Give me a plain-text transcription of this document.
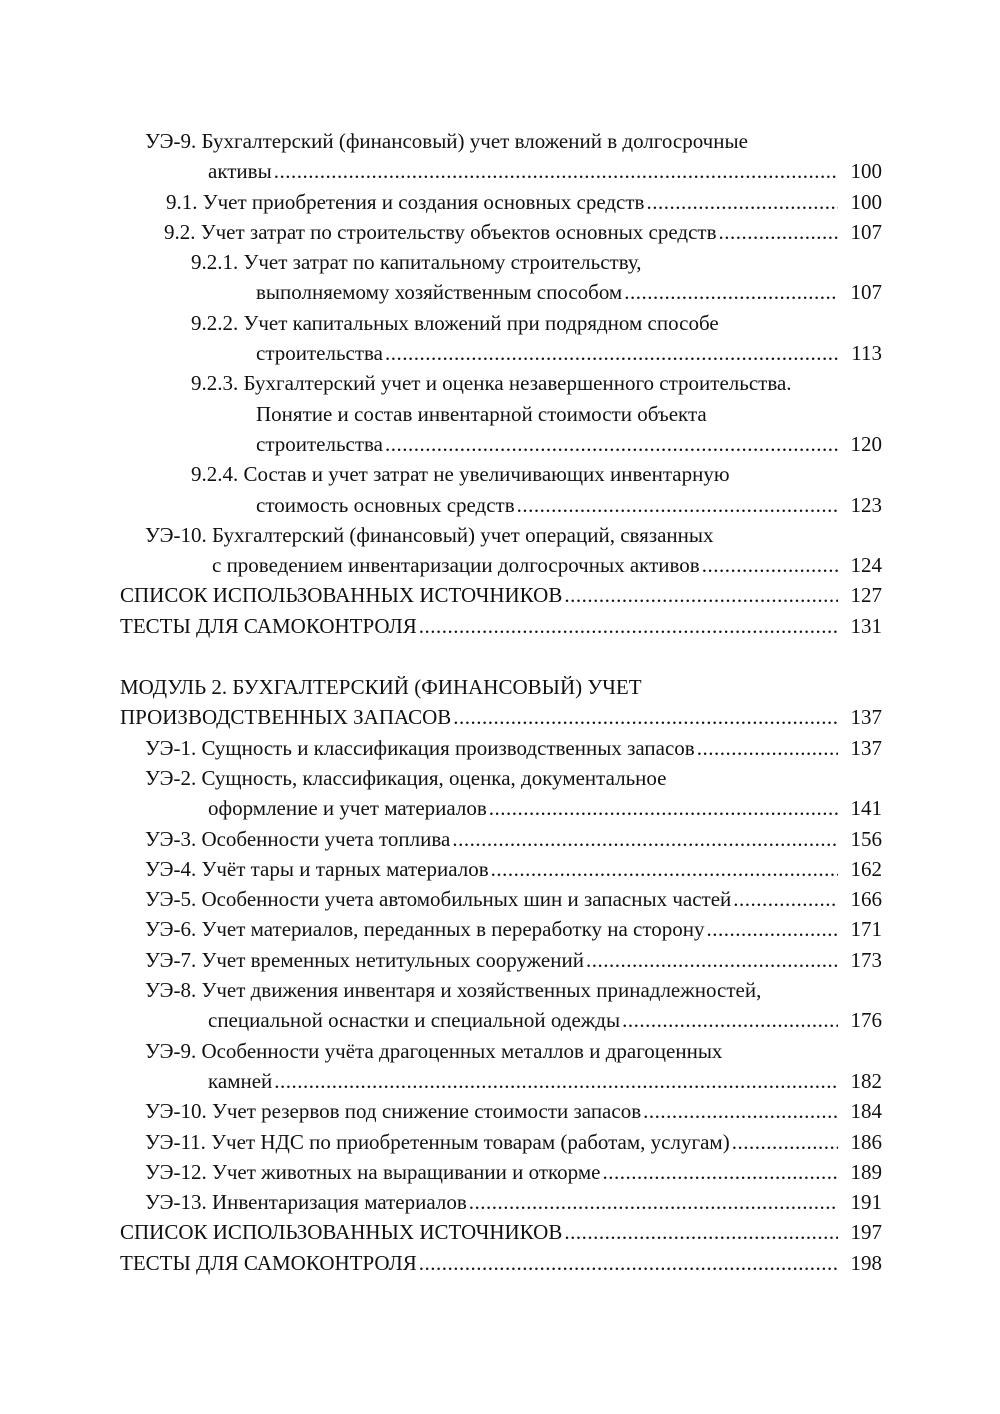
УЭ-9. Бухгалтерский (финансовый) учет вложений в долгосрочные
активы .....	100
9.1. Учет приобретения и создания основных средств .....	100
9.2. Учет затрат по строительству объектов основных средств .....	107
9.2.1. Учет затрат по капитальному строительству,
выполняемому хозяйственным способом .....	107
9.2.2. Учет капитальных вложений при подрядном способе
строительства .....	113
9.2.3. Бухгалтерский учет и оценка незавершенного строительства.
Понятие и состав инвентарной стоимости объекта
строительства .....	120
9.2.4. Состав и учет затрат не увеличивающих инвентарную
стоимость основных средств .....	123
УЭ-10. Бухгалтерский (финансовый) учет операций, связанных
с проведением инвентаризации долгосрочных активов .....	124
СПИСОК ИСПОЛЬЗОВАННЫХ ИСТОЧНИКОВ .....	127
ТЕСТЫ ДЛЯ САМОКОНТРОЛЯ .....	131
МОДУЛЬ 2. БУХГАЛТЕРСКИЙ (ФИНАНСОВЫЙ) УЧЕТ
ПРОИЗВОДСТВЕННЫХ ЗАПАСОВ .....	137
УЭ-1. Сущность и классификация производственных запасов .....	137
УЭ-2. Сущность, классификация, оценка, документальное
оформление и учет материалов .....	141
УЭ-3. Особенности учета топлива .....	156
УЭ-4. Учёт тары и тарных материалов .....	162
УЭ-5. Особенности учета автомобильных шин и запасных частей .....	166
УЭ-6. Учет материалов, переданных в переработку на сторону .....	171
УЭ-7. Учет временных нетитульных сооружений .....	173
УЭ-8. Учет движения инвентаря и хозяйственных принадлежностей,
специальной оснастки и специальной одежды .....	176
УЭ-9. Особенности учёта драгоценных металлов и драгоценных
камней .....	182
УЭ-10. Учет резервов под снижение стоимости запасов .....	184
УЭ-11. Учет НДС по приобретенным товарам (работам, услугам) .....	186
УЭ-12. Учет животных на выращивании и откорме .....	189
УЭ-13. Инвентаризация материалов .....	191
СПИСОК ИСПОЛЬЗОВАННЫХ ИСТОЧНИКОВ .....	197
ТЕСТЫ ДЛЯ САМОКОНТРОЛЯ .....	198
